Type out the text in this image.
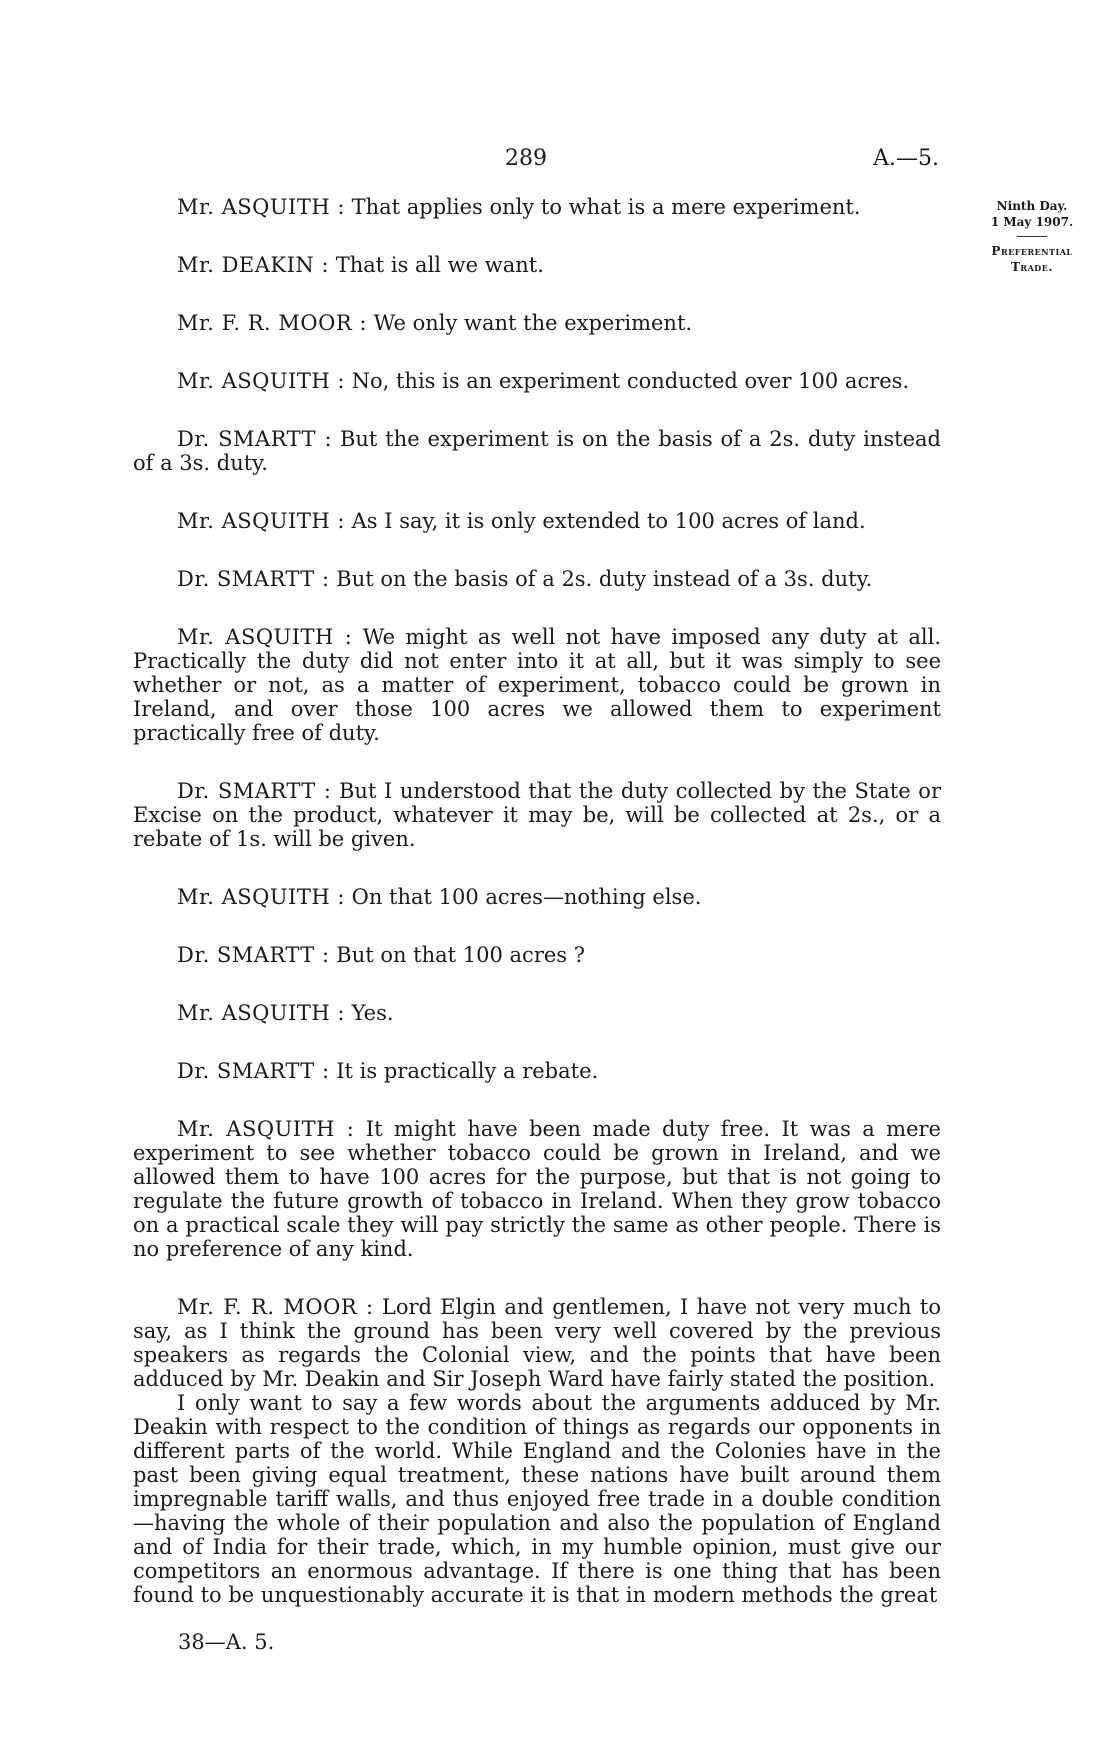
289	A.—5.
Ninth Day.
1 May 1907.
Preferential
Trade.

Mr. ASQUITH : That applies only to what is a mere experiment.

Mr. DEAKIN : That is all we want.

Mr. F. R. MOOR : We only want the experiment.

Mr. ASQUITH : No, this is an experiment conducted over 100 acres.

Dr. SMARTT : But the experiment is on the basis of a 2s. duty instead of a 3s. duty.

Mr. ASQUITH : As I say, it is only extended to 100 acres of land.

Dr. SMARTT : But on the basis of a 2s. duty instead of a 3s. duty.

Mr. ASQUITH : We might as well not have imposed any duty at all. Practically the duty did not enter into it at all, but it was simply to see whether or not, as a matter of experiment, tobacco could be grown in Ireland, and over those 100 acres we allowed them to experiment practically free of duty.

Dr. SMARTT : But I understood that the duty collected by the State or Excise on the product, whatever it may be, will be collected at 2s., or a rebate of 1s. will be given.

Mr. ASQUITH : On that 100 acres—nothing else.

Dr. SMARTT : But on that 100 acres ?

Mr. ASQUITH : Yes.

Dr. SMARTT : It is practically a rebate.

Mr. ASQUITH : It might have been made duty free. It was a mere experiment to see whether tobacco could be grown in Ireland, and we allowed them to have 100 acres for the purpose, but that is not going to regulate the future growth of tobacco in Ireland. When they grow tobacco on a practical scale they will pay strictly the same as other people. There is no preference of any kind.

Mr. F. R. MOOR : Lord Elgin and gentlemen, I have not very much to say, as I think the ground has been very well covered by the previous speakers as regards the Colonial view, and the points that have been adduced by Mr. Deakin and Sir Joseph Ward have fairly stated the position.

I only want to say a few words about the arguments adduced by Mr. Deakin with respect to the condition of things as regards our opponents in different parts of the world. While England and the Colonies have in the past been giving equal treatment, these nations have built around them impregnable tariff walls, and thus enjoyed free trade in a double condition—having the whole of their population and also the population of England and of India for their trade, which, in my humble opinion, must give our competitors an enormous advantage. If there is one thing that has been found to be unquestionably accurate it is that in modern methods the great

38—A. 5.
